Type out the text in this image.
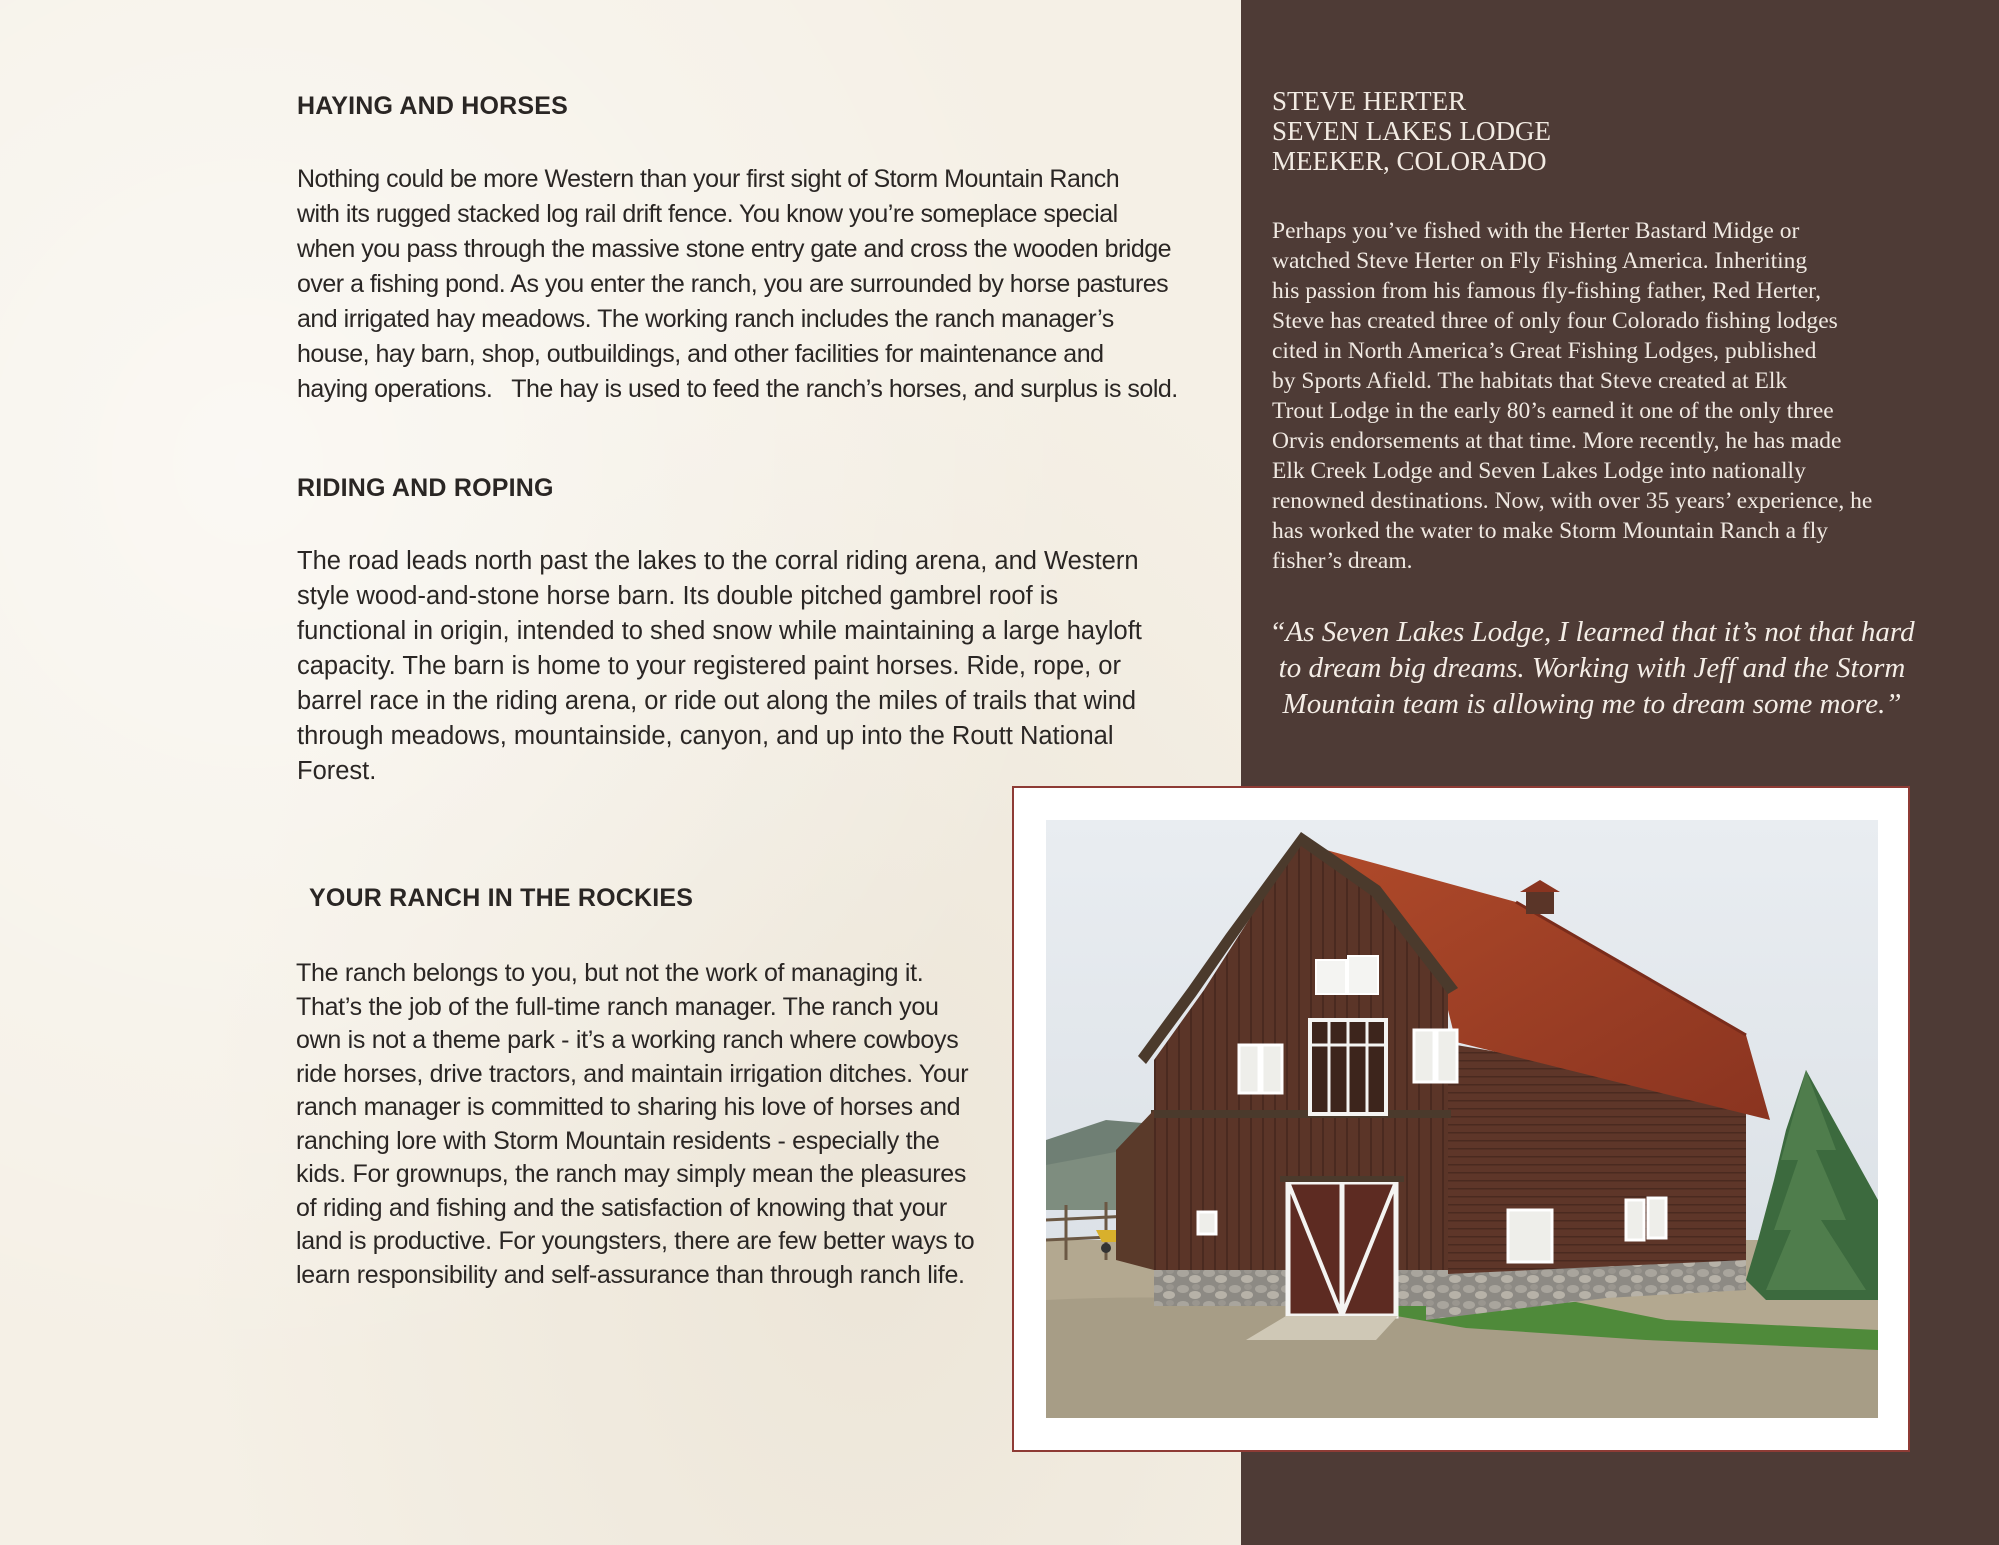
HAYING AND HORSES
Nothing could be more Western than your first sight of Storm Mountain Ranch
with its rugged stacked log rail drift fence. You know you’re someplace special
when you pass through the massive stone entry gate and cross the wooden bridge
over a fishing pond. As you enter the ranch, you are surrounded by horse pastures
and irrigated hay meadows. The working ranch includes the ranch manager’s
house, hay barn, shop, outbuildings, and other facilities for maintenance and
haying operations.   The hay is used to feed the ranch’s horses, and surplus is sold.
RIDING AND ROPING
The road leads north past the lakes to the corral riding arena, and Western
style wood-and-stone horse barn. Its double pitched gambrel roof is
functional in origin, intended to shed snow while maintaining a large hayloft
capacity. The barn is home to your registered paint horses. Ride, rope, or
barrel race in the riding arena, or ride out along the miles of trails that wind
through meadows, mountainside, canyon, and up into the Routt National
Forest.
YOUR RANCH IN THE ROCKIES
The ranch belongs to you, but not the work of managing it.
That’s the job of the full-time ranch manager. The ranch you
own is not a theme park - it’s a working ranch where cowboys
ride horses, drive tractors, and maintain irrigation ditches. Your
ranch manager is committed to sharing his love of horses and
ranching lore with Storm Mountain residents - especially the
kids. For grownups, the ranch may simply mean the pleasures
of riding and fishing and the satisfaction of knowing that your
land is productive. For youngsters, there are few better ways to
learn responsibility and self-assurance than through ranch life.
STEVE HERTER
SEVEN LAKES LODGE
MEEKER, COLORADO
Perhaps you’ve fished with the Herter Bastard Midge or
watched Steve Herter on Fly Fishing America. Inheriting
his passion from his famous fly-fishing father, Red Herter,
Steve has created three of only four Colorado fishing lodges
cited in North America’s Great Fishing Lodges, published
by Sports Afield. The habitats that Steve created at Elk
Trout Lodge in the early 80’s earned it one of the only three
Orvis endorsements at that time. More recently, he has made
Elk Creek Lodge and Seven Lakes Lodge into nationally
renowned destinations. Now, with over 35 years’ experience, he
has worked the water to make Storm Mountain Ranch a fly
fisher’s dream.
“As Seven Lakes Lodge, I learned that it’s not that hard
to dream big dreams. Working with Jeff and the Storm
Mountain team is allowing me to dream some more.”
